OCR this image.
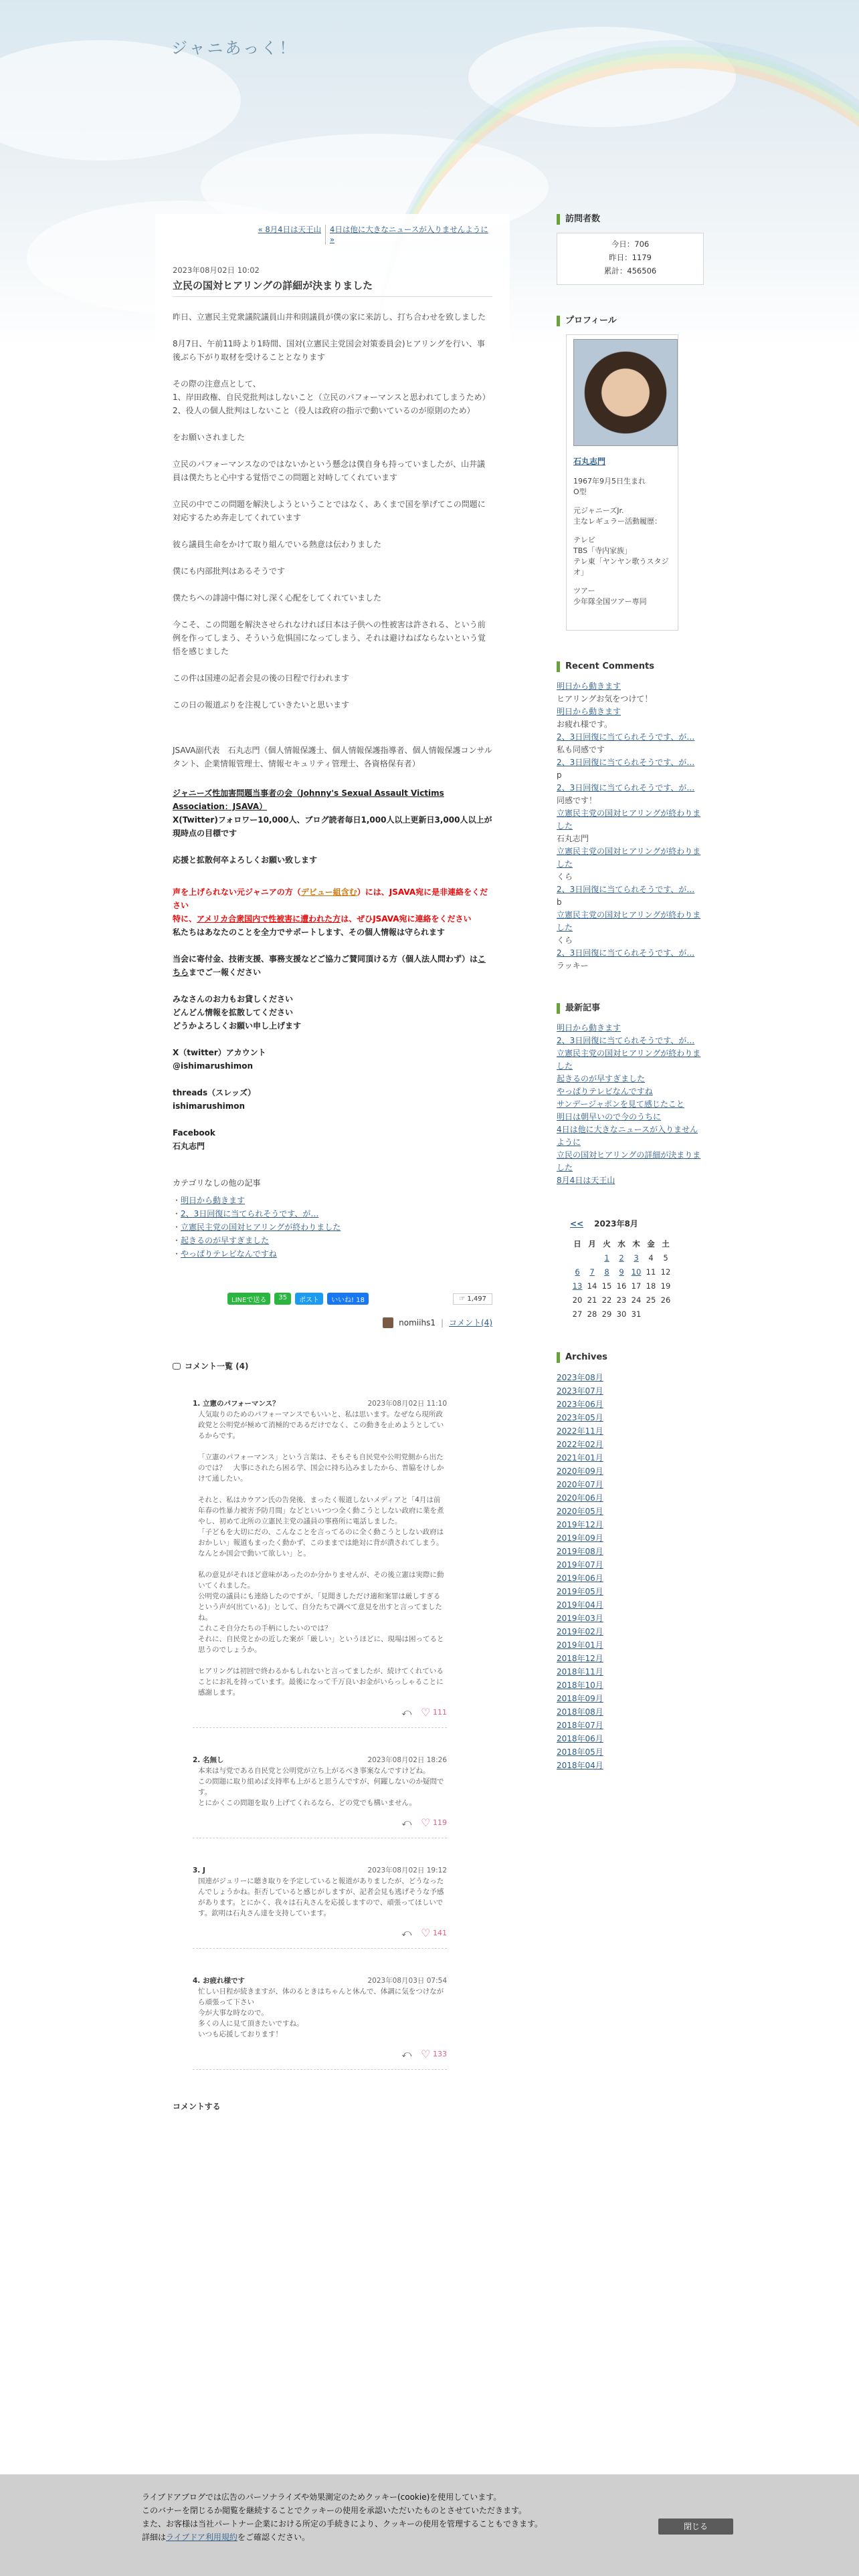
ジャニあっく！
« 8月4日は天王山	4日は他に大きなニュースが入りませんように »
2023年08月02日 10:02
立民の国対ヒアリングの詳細が決まりました

昨日、立憲民主党衆議院議員山井和則議員が僕の家に来訪し、打ち合わせを致しました

8月7日、午前11時より1時間、国対(立憲民主党国会対策委員会)ヒアリングを行い、事後ぶら下がり取材を受けることとなります

その際の注意点として、
1、岸田政権、自民党批判はしないこと（立民のパフォーマンスと思われてしまうため）
2、役人の個人批判はしないこと（役人は政府の指示で動いているのが原則のため）

をお願いされました

立民のパフォーマンスなのではないかという懸念は僕自身も持っていましたが、山井議員は僕たちと心中する覚悟でこの問題と対峙してくれています

立民の中でこの問題を解決しようということではなく、あくまで国を挙げてこの問題に対応するため奔走してくれています

彼ら議員生命をかけて取り組んでいる熱意は伝わりました

僕にも内部批判はあるそうです

僕たちへの誹謗中傷に対し深く心配をしてくれていました

今こそ、この問題を解決させられなければ日本は子供への性被害は許される、という前例を作ってしまう、そういう危惧国になってしまう、それは避けねばならないという覚悟を感じました

この件は国連の記者会見の後の日程で行われます

この日の報道ぶりを注視していきたいと思います

JSAVA副代表　石丸志門（個人情報保護士、個人情報保護指導者、個人情報保護コンサルタント、企業情報管理士、情報セキュリティ管理士、各資格保有者）

ジャニーズ性加害問題当事者の会（Johnny's Sexual Assault Victims Association：JSAVA）
X(Twitter)フォロワー10,000人、ブログ読者毎日1,000人以上更新日3,000人以上が現時点の目標です

応援と拡散何卒よろしくお願い致します

声を上げられない元ジャニアの方（デビュー組含む）には、JSAVA宛に是非連絡をください
特に、アメリカ合衆国内で性被害に遭われた方は、ぜひJSAVA宛に連絡をください
私たちはあなたのことを全力でサポートします、その個人情報は守られます

当会に寄付金、技術支援、事務支援などご協力ご賛同頂ける方（個人法人問わず）はこちらまでご一報ください

みなさんのお力もお貸しください
どんどん情報を拡散してください
どうかよろしくお願い申し上げます

X（twitter）アカウント
@ishimarushimon

threads（スレッズ）
ishimarushimon

Facebook
石丸志門

カテゴリなしの他の記事
・ 明日から動きます
・ 2、3日回復に当てられそうです、が…
・ 立憲民主党の国対ヒアリングが終わりました
・ 起きるのが早すぎました
・ やっぱりテレビなんですね
LINEで送る	35	ポスト	いいね! 18	☞ 1,497
nomiihs1 | コメント(4)
コメント一覧 (4)
1. 立憲のパフォーマンス？	2023年08月02日 11:10

人気取りのためのパフォーマンスでもいいと、私は思います。なぜなら現所政政党と公明党が極めて消極的であるだけでなく、この動きを止めようとしているからです。

「立憲のパフォーマンス」という言葉は、そもそも自民党や公明党側から出たのでは？　大事にされたら困る学、国会に持ち込みましたから、普脇をけしかけて通したい。

それと、私はカウアン氏の告発後、まったく報道しないメディアと「4月は前年春の性暴力被害予防月間」などといいつつ全く動こうとしない政府に業を煮やし、初めて北所の立憲民主党の議員の事務所に電話しました。
「子どもを大切にだの、こんなことを言ってるのに全く動こうとしない政府はおかしい」報道もまったく動かず、このままでは絶対に背が潰されてしまう。なんとか国会で動いて欲しい」と。

私の意見がそれほど意味があったのか分かりませんが、その後立憲は実際に動いてくれました。
公明党の議員にも連絡したのですが、「見聞きしただけ適和案罪は厳しすぎるという声が(出ている)」として、自分たちで調べて意見を出すと言ってましたね。
これこそ自分たちの手柄にしたいのでは？
それに、自民党とかの近した案が「厳しい」というほどに、現場は困ってると思うのでしょうか。

ヒアリングは初回で終わるかもしれないと言ってましたが、続けてくれていることにお礼を持っています。最後になって千万良いお金がいらっしゃることに感謝します。

⤺ ♡ 111
2. 名無し	2023年08月02日 18:26

本来は与党である自民党と公明党が立ち上がるべき事案なんですけどね。
この問題に取り組めば支持率も上がると思うんですが、何躍しないのか疑問です。
とにかくこの問題を取り上げてくれるなら、どの党でも構いません。

⤺ ♡ 119
3. J	2023年08月02日 19:12

国連がジュリーに聴き取りを予定していると報道がありましたが、どうなったんでしょうかね。拒否していると感じがしますが、記者会見も逃げそうな予感があります。とにかく、我々は石丸さんを応援しますので、頑張ってほしいです。欽明は石丸さん達を支持しています。

⤺ ♡ 141
4. お疲れ様です	2023年08月03日 07:54

忙しい日程が続きますが、体のるときはちゃんと休んで、体調に気をつけながら頑張って下さい
今が大事な時なので。
多くの人に見て頂きたいですね。
いつも応援しております！

⤺ ♡ 133
コメントする
訪問者数
今日：706
昨日：1179
累計：456506
プロフィール
石丸志門

1967年9月5日生まれ
O型

元ジャニーズJr.
主なレギュラー活動履歴：

テレビ
TBS「寺内家族」
テレ東「ヤンヤン歌うスタジオ」

ツアー
少年隊全国ツアー専同

Recent Comments
明日から動きます
ヒアリングお気をつけて！
明日から動きます
お疲れ様です。
2、3日回復に当てられそうです、が…
私も同感です
2、3日回復に当てられそうです、が…
p
2、3日回復に当てられそうです、が…
同感です！
立憲民主党の国対ヒアリングが終わりました
石丸志門
立憲民主党の国対ヒアリングが終わりました
くら
2、3日回復に当てられそうです、が…
b
立憲民主党の国対ヒアリングが終わりました
くら
2、3日回復に当てられそうです、が…
ラッキー
最新記事
明日から動きます
2、3日回復に当てられそうです、が…
立憲民主党の国対ヒアリングが終わりました
起きるのが早すぎました
やっぱりテレビなんですね
サンデージャポンを見て感じたこと
明日は朝早いので今のうちに
4日は他に大きなニュースが入りませんように
立民の国対ヒアリングの詳細が決まりました
8月4日は天王山
<< 2023年8月
日	月	火	水	木	金	土
		1	2	3	4	5
6	7	8	9	10	11	12
13	14	15	16	17	18	19
20	21	22	23	24	25	26
27	28	29	30	31		
Archives
2023年08月
2023年07月
2023年06月
2023年05月
2022年11月
2022年02月
2021年01月
2020年09月
2020年07月
2020年06月
2020年05月
2019年12月
2019年09月
2019年08月
2019年07月
2019年06月
2019年05月
2019年04月
2019年03月
2019年02月
2019年01月
2018年12月
2018年11月
2018年10月
2018年09月
2018年08月
2018年07月
2018年06月
2018年05月
2018年04月
ライブドアブログでは広告のパーソナライズや効果測定のためクッキー(cookie)を使用しています。
このバナーを閉じるか閲覧を継続することでクッキーの使用を承認いただいたものとさせていただきます。
また、お客様は当社パートナー企業における所定の手続きにより、クッキーの使用を管理することもできます。
詳細はライブドア利用規約をご確認ください。
閉じる
